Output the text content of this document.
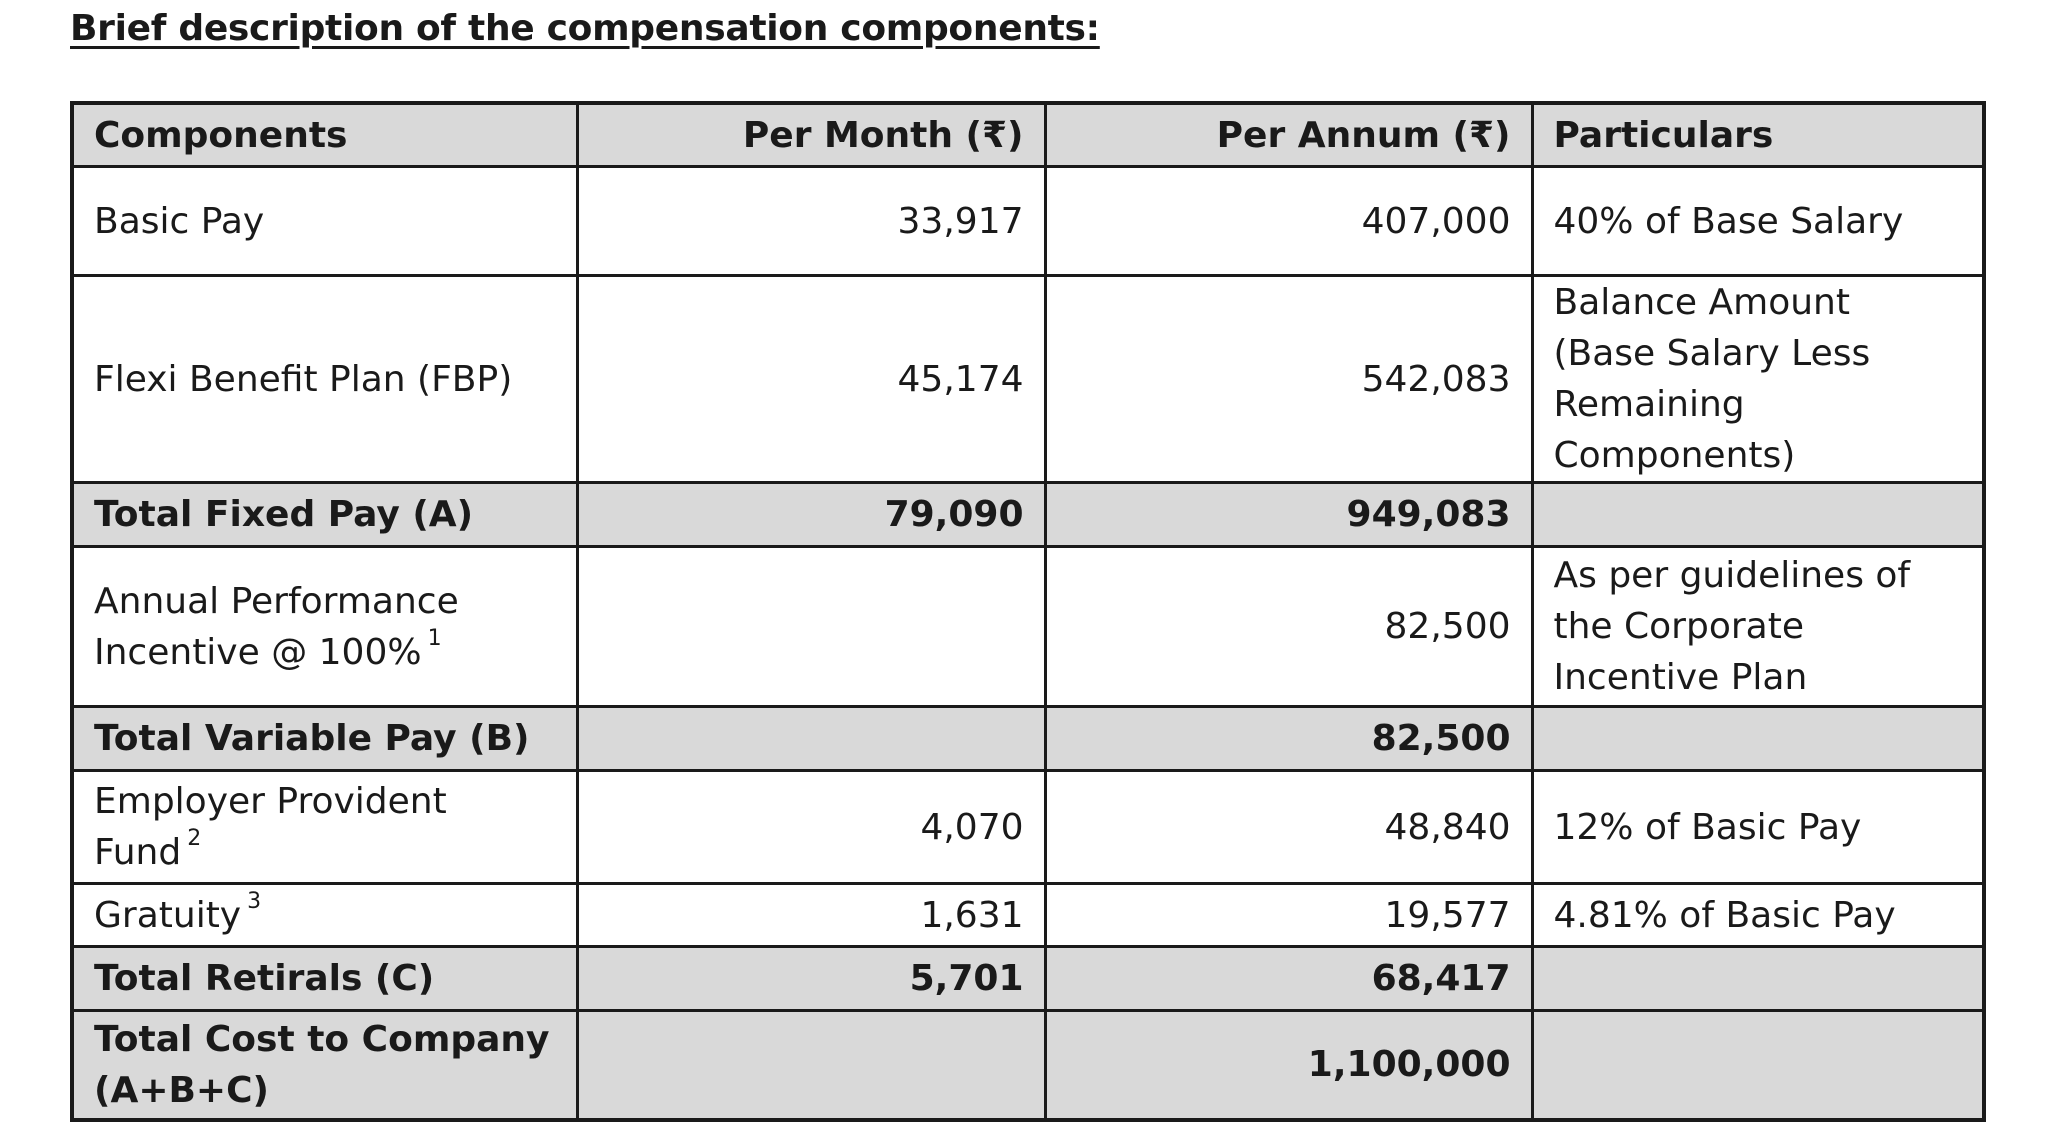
Brief description of the compensation components:
Components	Per Month (₹)	Per Annum (₹)	Particulars
Basic Pay	33,917	407,000	40% of Base Salary
Flexi Benefit Plan (FBP)	45,174	542,083	Balance Amount (Base Salary Less Remaining Components)
Total Fixed Pay (A)	79,090	949,083	
Annual Performance Incentive @ 100% $^1$		82,500	As per guidelines of the Corporate Incentive Plan
Total Variable Pay (B)		82,500	
Employer Provident Fund $^2$	4,070	48,840	12% of Basic Pay
Gratuity $^3$	1,631	19,577	4.81% of Basic Pay
Total Retirals (C)	5,701	68,417	
Total Cost to Company (A+B+C)		1,100,000	
